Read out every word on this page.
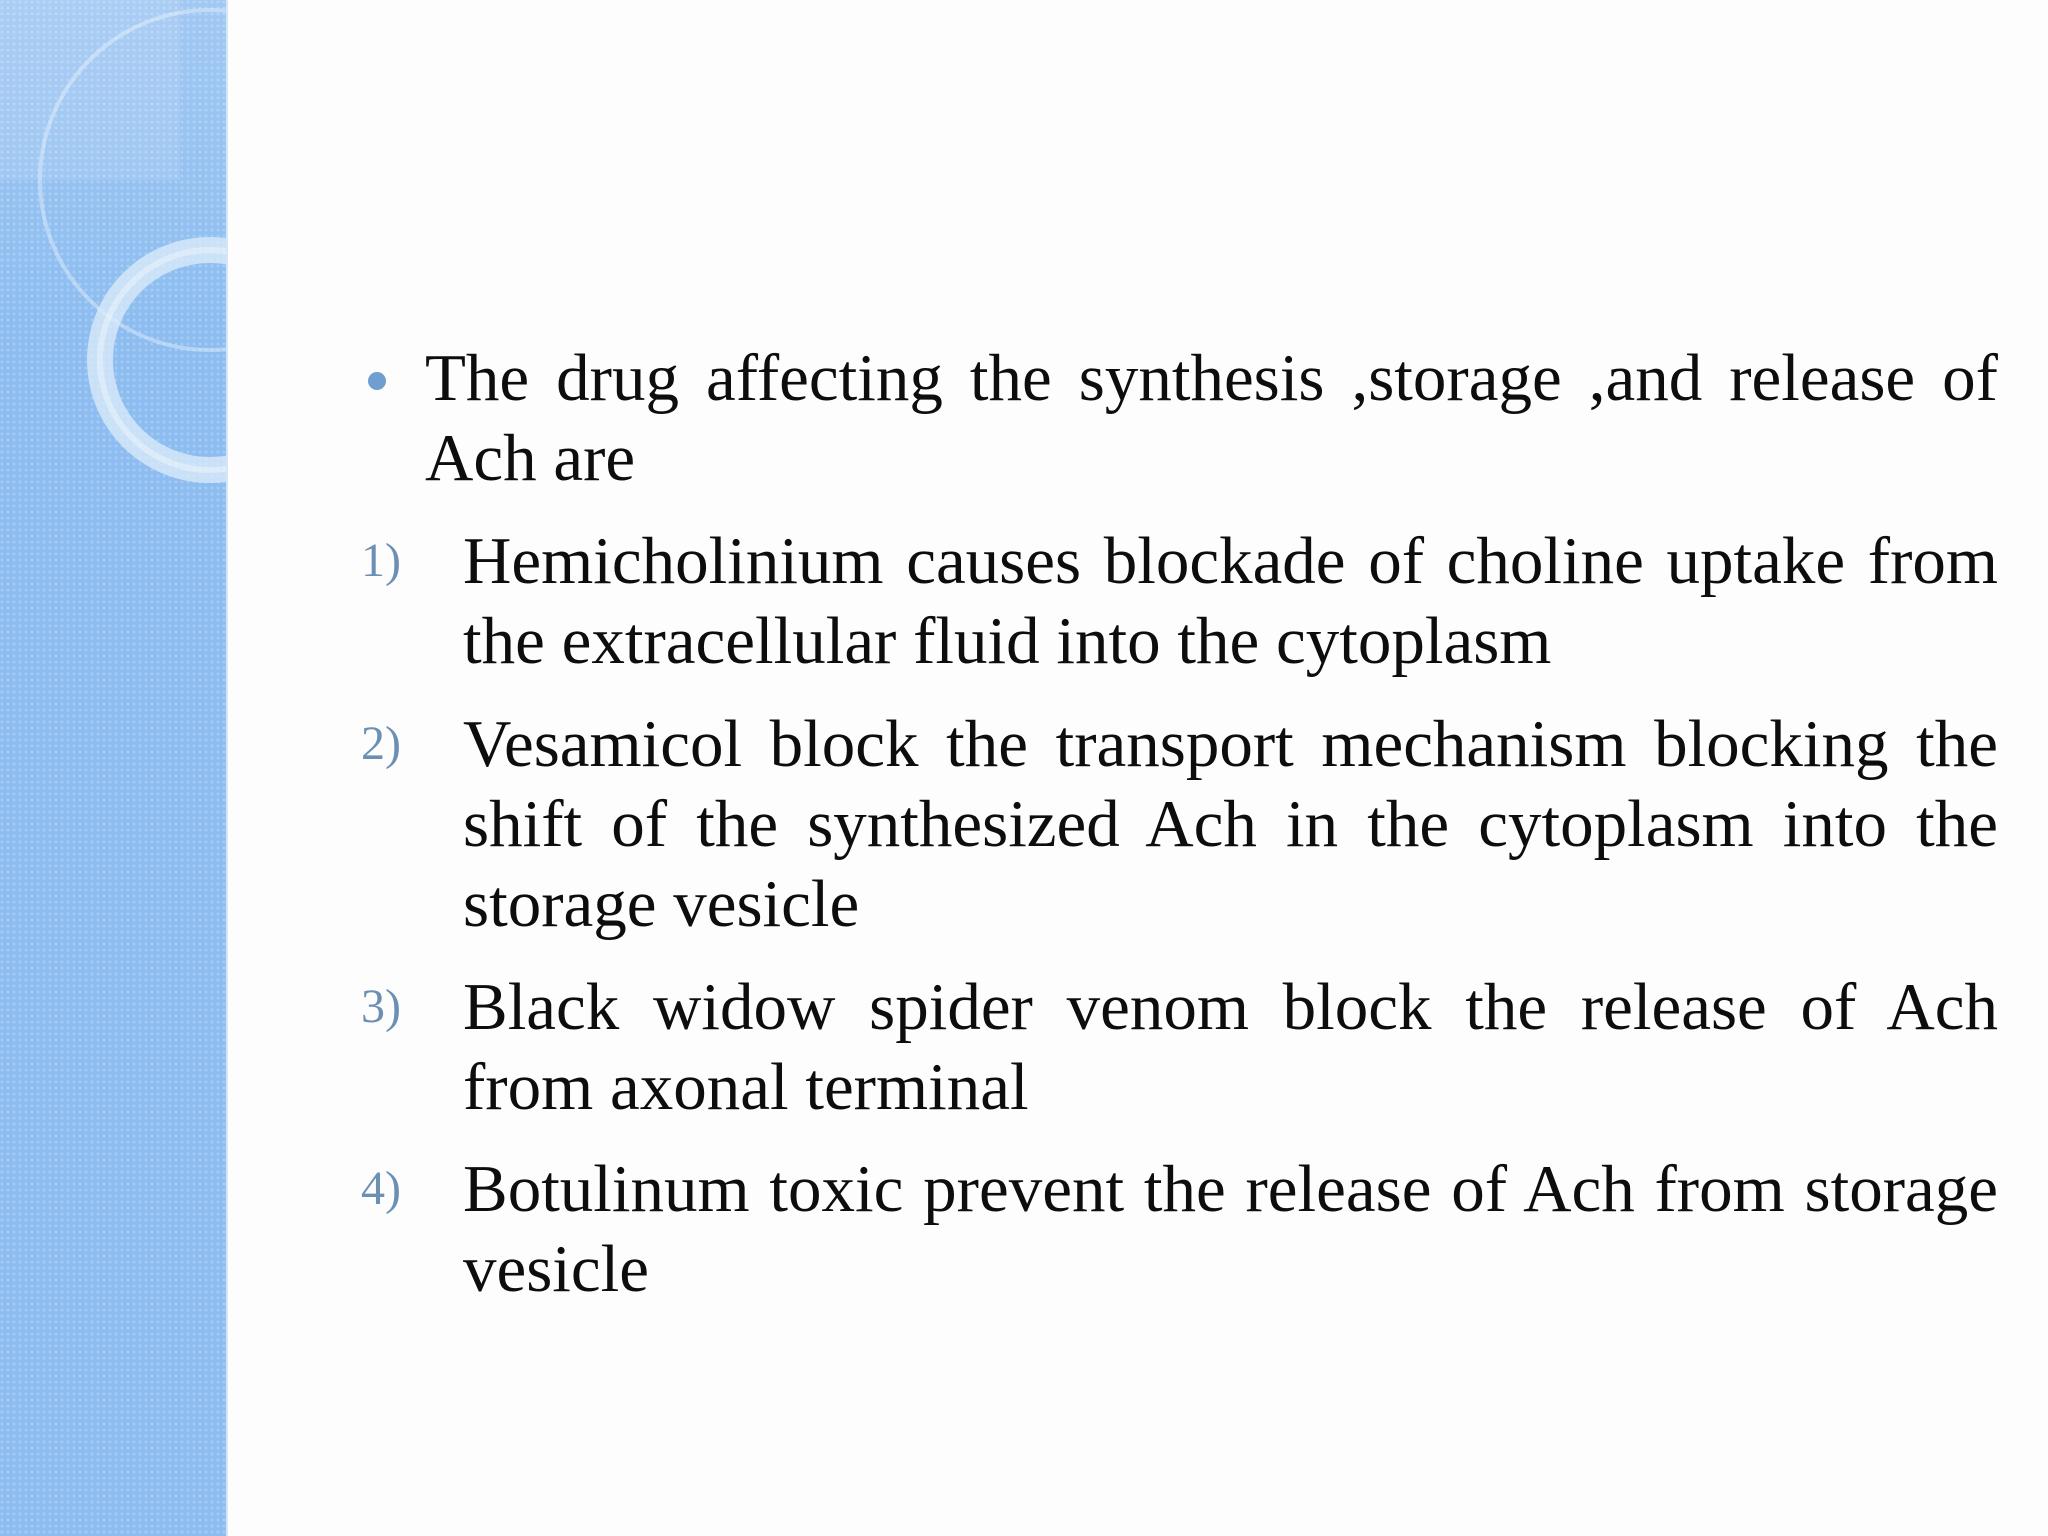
The drug affecting the synthesis ,storage ,and release of Ach are
1) Hemicholinium causes blockade of choline uptake from the extracellular fluid into the cytoplasm
2) Vesamicol block the transport mechanism blocking the shift of the synthesized Ach in the cytoplasm into the storage vesicle
3) Black widow spider venom block the release of Ach from axonal terminal
4) Botulinum toxic prevent the release of Ach from storage vesicle
